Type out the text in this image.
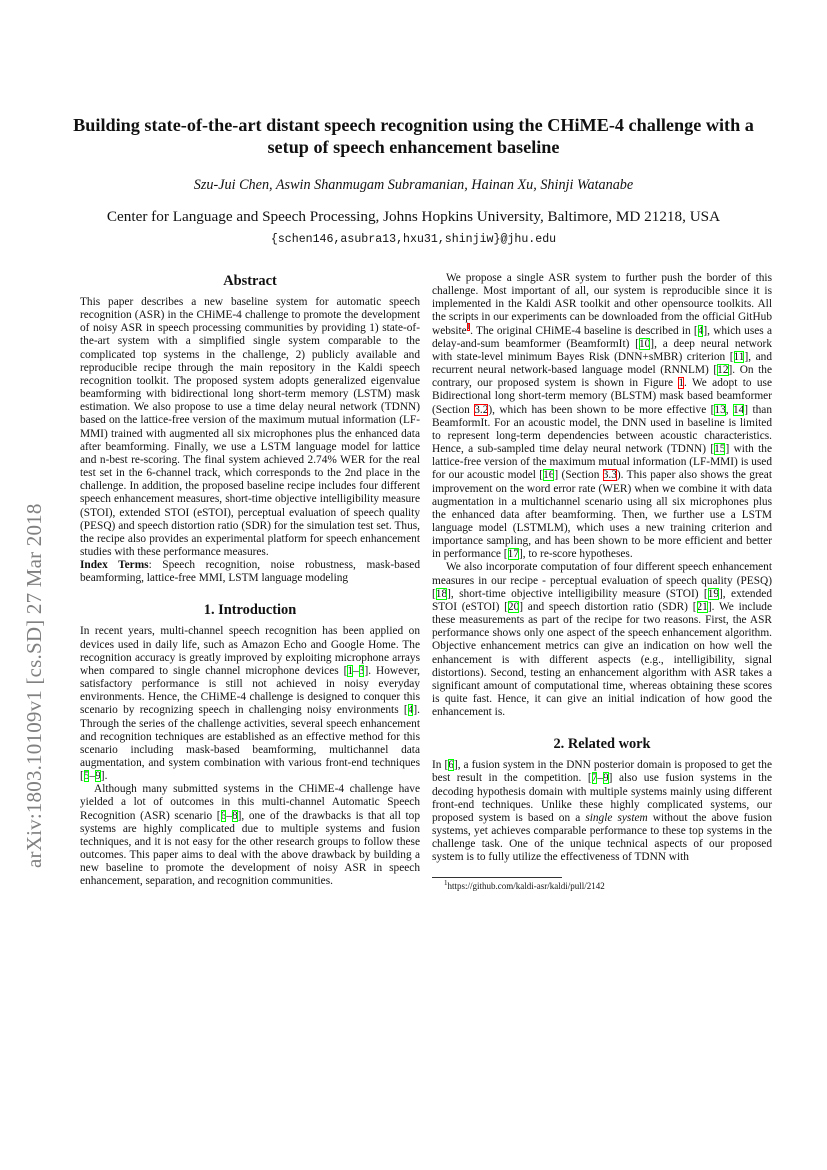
arXiv:1803.10109v1 [cs.SD] 27 Mar 2018
Building state-of-the-art distant speech recognition using the CHiME-4 challenge with a setup of speech enhancement baseline
Szu-Jui Chen, Aswin Shanmugam Subramanian, Hainan Xu, Shinji Watanabe
Center for Language and Speech Processing, Johns Hopkins University, Baltimore, MD 21218, USA
{schen146,asubra13,hxu31,shinjiw}@jhu.edu
Abstract

This paper describes a new baseline system for automatic speech recognition (ASR) in the CHiME-4 challenge to promote the development of noisy ASR in speech processing communities by providing 1) state-of-the-art system with a simplified single system comparable to the complicated top systems in the challenge, 2) publicly available and reproducible recipe through the main repository in the Kaldi speech recognition toolkit. The proposed system adopts generalized eigenvalue beamforming with bidirectional long short-term memory (LSTM) mask estimation. We also propose to use a time delay neural network (TDNN) based on the lattice-free version of the maximum mutual information (LF-MMI) trained with augmented all six microphones plus the enhanced data after beamforming. Finally, we use a LSTM language model for lattice and n-best re-scoring. The final system achieved 2.74% WER for the real test set in the 6-channel track, which corresponds to the 2nd place in the challenge. In addition, the proposed baseline recipe includes four different speech enhancement measures, short-time objective intelligibility measure (STOI), extended STOI (eSTOI), perceptual evaluation of speech quality (PESQ) and speech distortion ratio (SDR) for the simulation test set. Thus, the recipe also provides an experimental platform for speech enhancement studies with these performance measures.

Index Terms: Speech recognition, noise robustness, mask-based beamforming, lattice-free MMI, LSTM language modeling

1. Introduction

In recent years, multi-channel speech recognition has been applied on devices used in daily life, such as Amazon Echo and Google Home. The recognition accuracy is greatly improved by exploiting microphone arrays when compared to single channel microphone devices [1–3]. However, satisfactory performance is still not achieved in noisy everyday environments. Hence, the CHiME-4 challenge is designed to conquer this scenario by recognizing speech in challenging noisy environments [4]. Through the series of the challenge activities, several speech enhancement and recognition techniques are established as an effective method for this scenario including mask-based beamforming, multichannel data augmentation, and system combination with various front-end techniques [5–9].

Although many submitted systems in the CHiME-4 challenge have yielded a lot of outcomes in this multi-channel Automatic Speech Recognition (ASR) scenario [6–8], one of the drawbacks is that all top systems are highly complicated due to multiple systems and fusion techniques, and it is not easy for the other research groups to follow these outcomes. This paper aims to deal with the above drawback by building a new baseline to promote the development of noisy ASR in speech enhancement, separation, and recognition communities.

We propose a single ASR system to further push the border of this challenge. Most important of all, our system is reproducible since it is implemented in the Kaldi ASR toolkit and other opensource toolkits. All the scripts in our experiments can be downloaded from the official GitHub website$^1$. The original CHiME-4 baseline is described in [4], which uses a delay-and-sum beamformer (BeamformIt) [10], a deep neural network with state-level minimum Bayes Risk (DNN+sMBR) criterion [11], and recurrent neural network-based language model (RNNLM) [12]. On the contrary, our proposed system is shown in Figure 1. We adopt to use Bidirectional long short-term memory (BLSTM) mask based beamformer (Section 3.2), which has been shown to be more effective [13, 14] than BeamformIt. For an acoustic model, the DNN used in baseline is limited to represent long-term dependencies between acoustic characteristics. Hence, a sub-sampled time delay neural network (TDNN) [15] with the lattice-free version of the maximum mutual information (LF-MMI) is used for our acoustic model [16] (Section 3.3). This paper also shows the great improvement on the word error rate (WER) when we combine it with data augmentation in a multichannel scenario using all six microphones plus the enhanced data after beamforming. Then, we further use a LSTM language model (LSTMLM), which uses a new training criterion and importance sampling, and has been shown to be more efficient and better in performance [17], to re-score hypotheses.

We also incorporate computation of four different speech enhancement measures in our recipe - perceptual evaluation of speech quality (PESQ) [18], short-time objective intelligibility measure (STOI) [19], extended STOI (eSTOI) [20] and speech distortion ratio (SDR) [21]. We include these measurements as part of the recipe for two reasons. First, the ASR performance shows only one aspect of the speech enhancement algorithm. Objective enhancement metrics can give an indication on how well the enhancement is with different aspects (e.g., intelligibility, signal distortions). Second, testing an enhancement algorithm with ASR takes a significant amount of computational time, whereas obtaining these scores is quite fast. Hence, it can give an initial indication of how good the enhancement is.

2. Related work

In [6], a fusion system in the DNN posterior domain is proposed to get the best result in the competition. [7–9] also use fusion systems in the decoding hypothesis domain with multiple systems mainly using different front-end techniques. Unlike these highly complicated systems, our proposed system is based on a single system without the above fusion systems, yet achieves comparable performance to these top systems in the challenge task. One of the unique technical aspects of our proposed system is to fully utilize the effectiveness of TDNN with

$^1$https://github.com/kaldi-asr/kaldi/pull/2142
